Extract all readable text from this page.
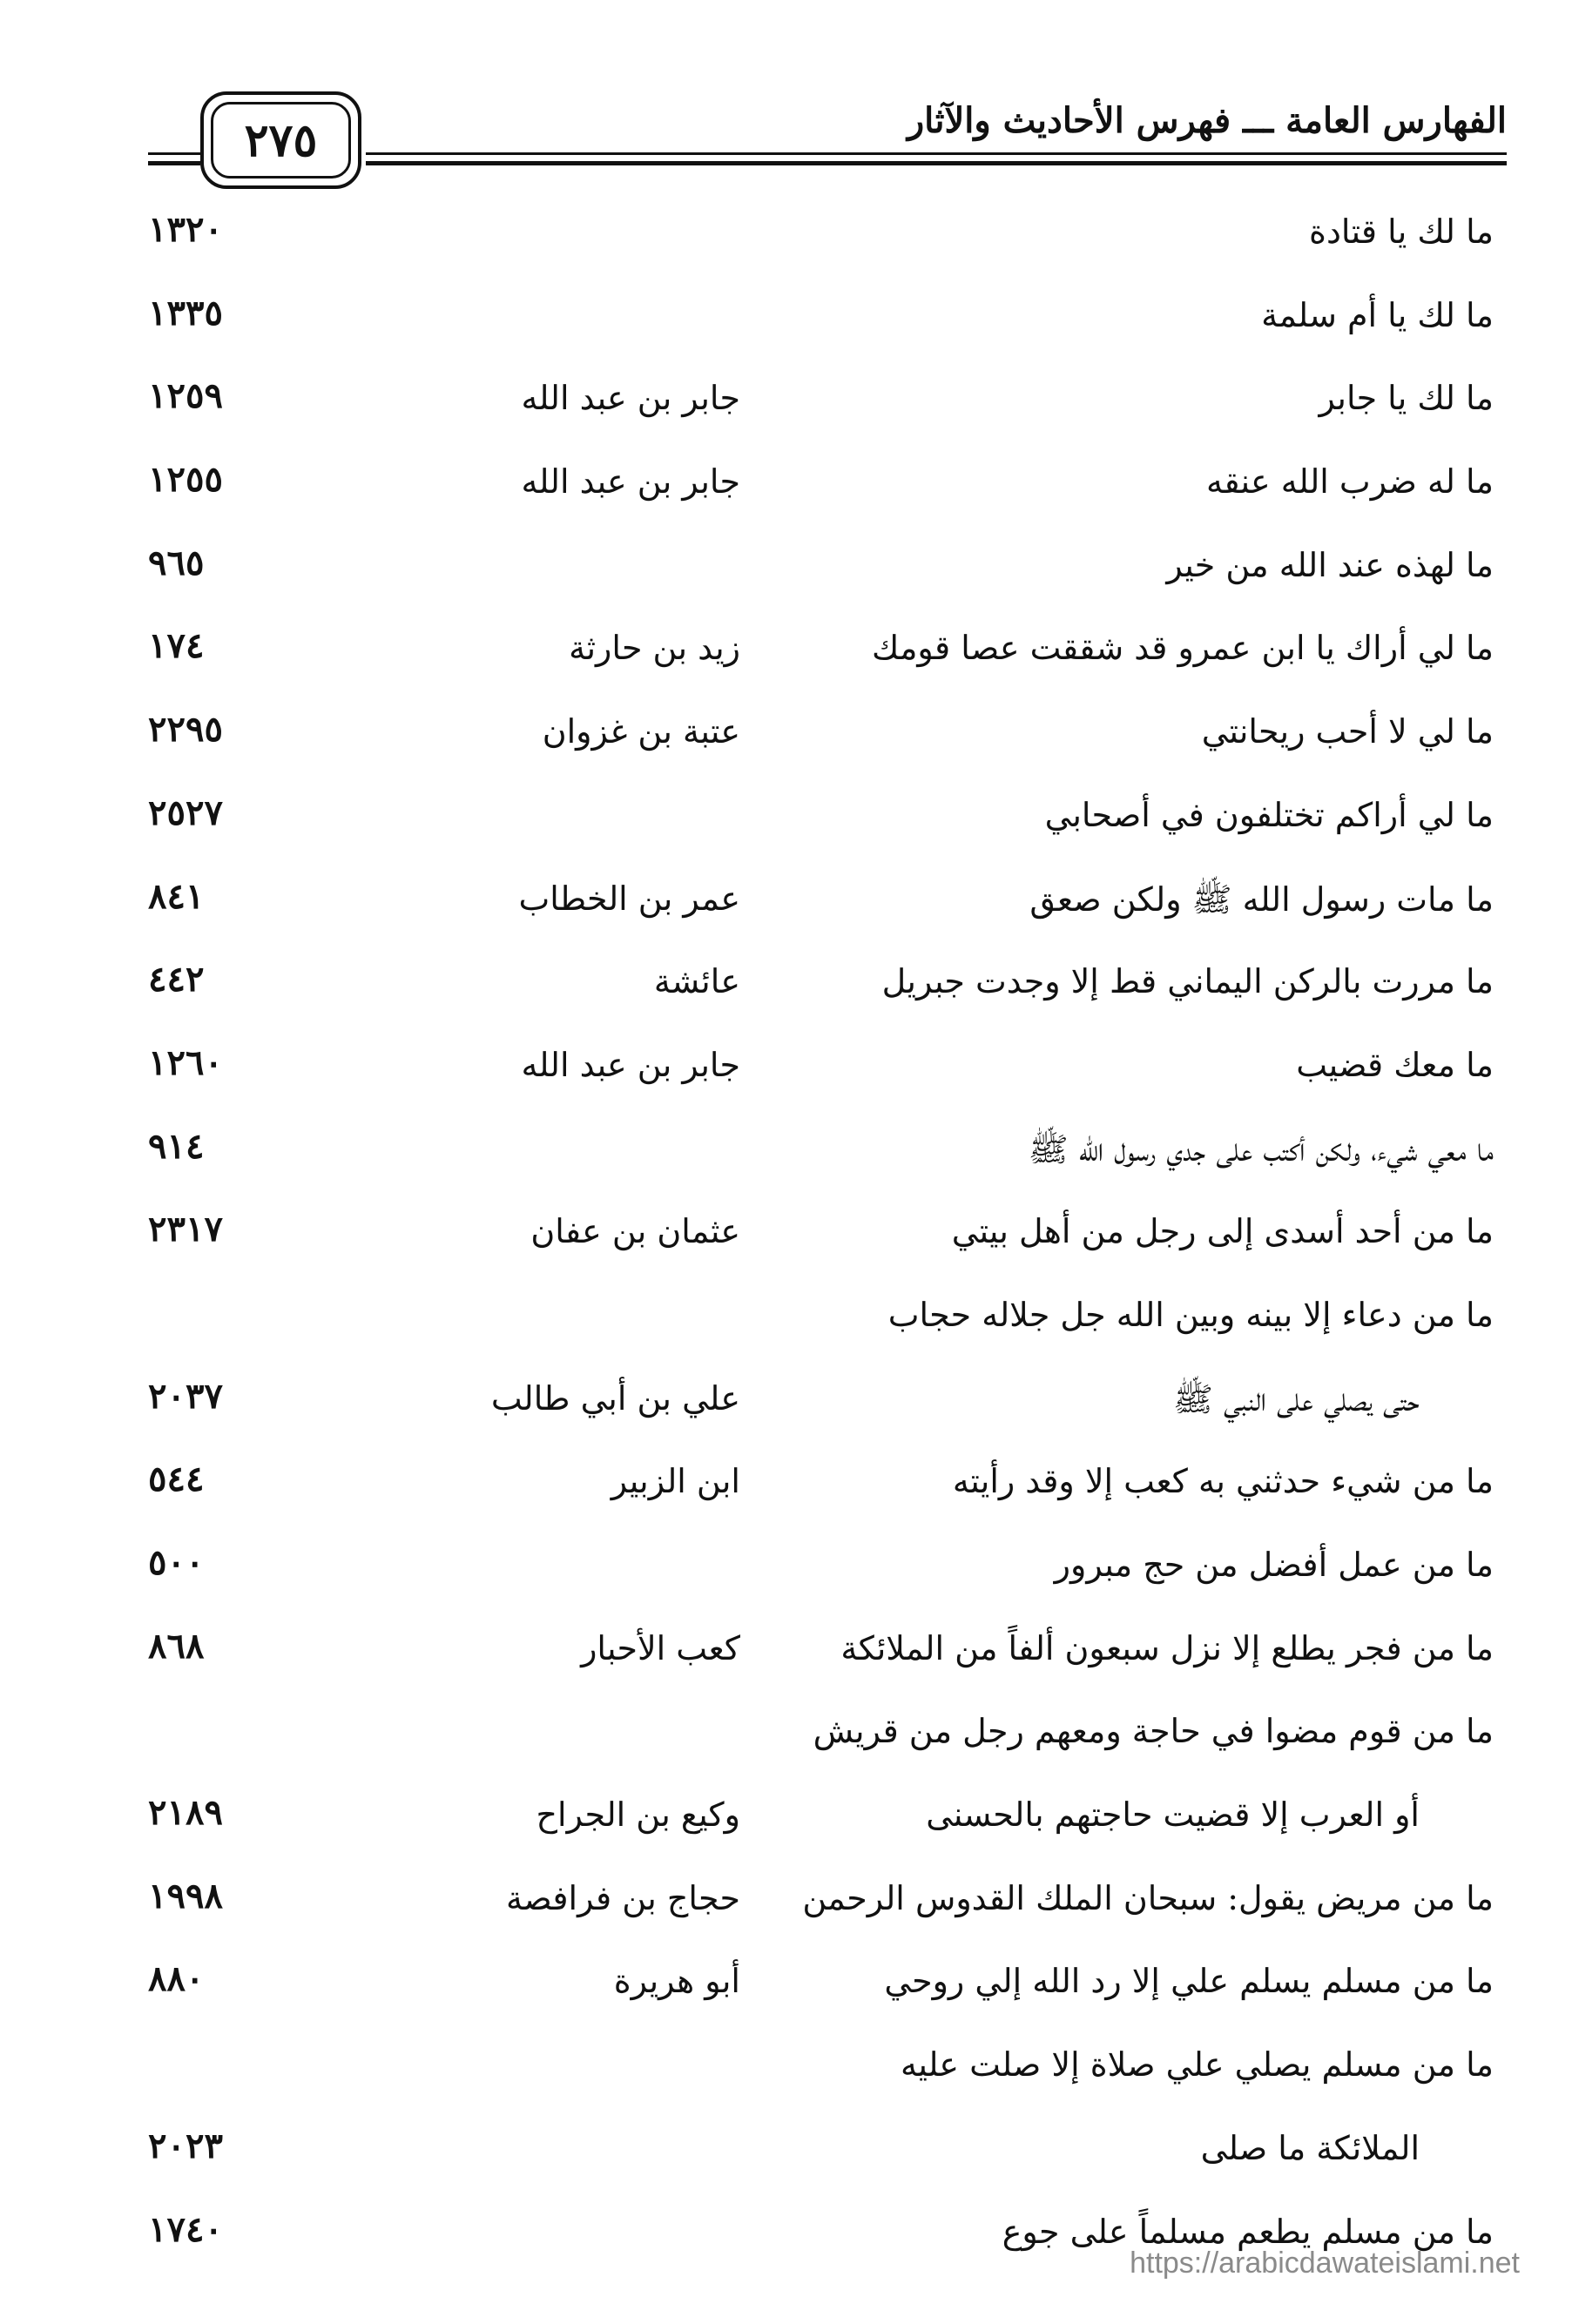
الفهارس العامة ـــ فهرس الأحاديث والآثار
٢٧٥
ما لك يا قتادة
١٣٢٠
ما لك يا أم سلمة
١٣٣٥
ما لك يا جابر
جابر بن عبد الله
١٢٥٩
ما له ضرب الله عنقه
جابر بن عبد الله
١٢٥٥
ما لهذه عند الله من خير
٩٦٥
ما لي أراك يا ابن عمرو قد شققت عصا قومك
زيد بن حارثة
١٧٤
ما لي لا أحب ريحانتي
عتبة بن غزوان
٢٢٩٥
ما لي أراكم تختلفون في أصحابي
٢٥٢٧
ما مات رسول الله ﷺ ولكن صعق
عمر بن الخطاب
٨٤١
ما مررت بالركن اليماني قط إلا وجدت جبريل
عائشة
٤٤٢
ما معك قضيب
جابر بن عبد الله
١٢٦٠
ما معي شيء، ولكن أكتب على جدي رسول الله ﷺ
٩١٤
ما من أحد أسدى إلى رجل من أهل بيتي
عثمان بن عفان
٢٣١٧
ما من دعاء إلا بينه وبين الله جل جلاله حجاب
حتى يصلي على النبي ﷺ
علي بن أبي طالب
٢٠٣٧
ما من شيء حدثني به كعب إلا وقد رأيته
ابن الزبير
٥٤٤
ما من عمل أفضل من حج مبرور
٥٠٠
ما من فجر يطلع إلا نزل سبعون ألفاً من الملائكة
كعب الأحبار
٨٦٨
ما من قوم مضوا في حاجة ومعهم رجل من قريش
أو العرب إلا قضيت حاجتهم بالحسنى
وكيع بن الجراح
٢١٨٩
ما من مريض يقول: سبحان الملك القدوس الرحمن
حجاج بن فرافصة
١٩٩٨
ما من مسلم يسلم علي إلا رد الله إلي روحي
أبو هريرة
٨٨٠
ما من مسلم يصلي علي صلاة إلا صلت عليه
الملائكة ما صلى
٢٠٢٣
ما من مسلم يطعم مسلماً على جوع
١٧٤٠
https://arabicdawateislami.net
